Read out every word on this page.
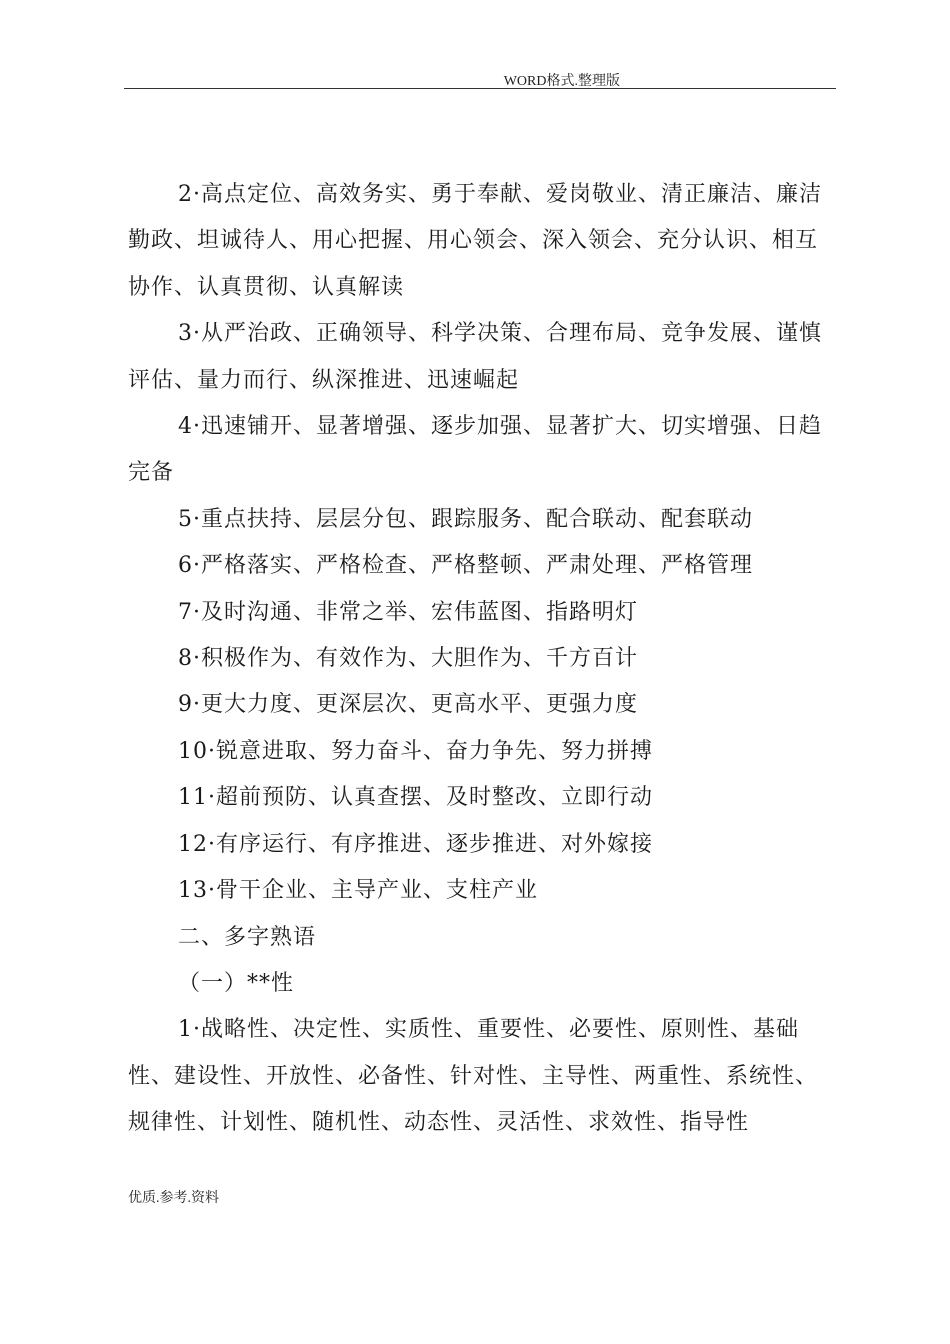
WORD格式.整理版

2·高点定位、高效务实、勇于奉献、爱岗敬业、清正廉洁、廉洁勤政、坦诚待人、用心把握、用心领会、深入领会、充分认识、相互协作、认真贯彻、认真解读

3·从严治政、正确领导、科学决策、合理布局、竞争发展、谨慎评估、量力而行、纵深推进、迅速崛起

4·迅速铺开、显著增强、逐步加强、显著扩大、切实增强、日趋完备

5·重点扶持、层层分包、跟踪服务、配合联动、配套联动

6·严格落实、严格检查、严格整顿、严肃处理、严格管理

7·及时沟通、非常之举、宏伟蓝图、指路明灯

8·积极作为、有效作为、大胆作为、千方百计

9·更大力度、更深层次、更高水平、更强力度

10·锐意进取、努力奋斗、奋力争先、努力拼搏

11·超前预防、认真查摆、及时整改、立即行动

12·有序运行、有序推进、逐步推进、对外嫁接

13·骨干企业、主导产业、支柱产业

二、多字熟语

（一）**性

1·战略性、决定性、实质性、重要性、必要性、原则性、基础性、建设性、开放性、必备性、针对性、主导性、两重性、系统性、规律性、计划性、随机性、动态性、灵活性、求效性、指导性

优质.参考.资料
